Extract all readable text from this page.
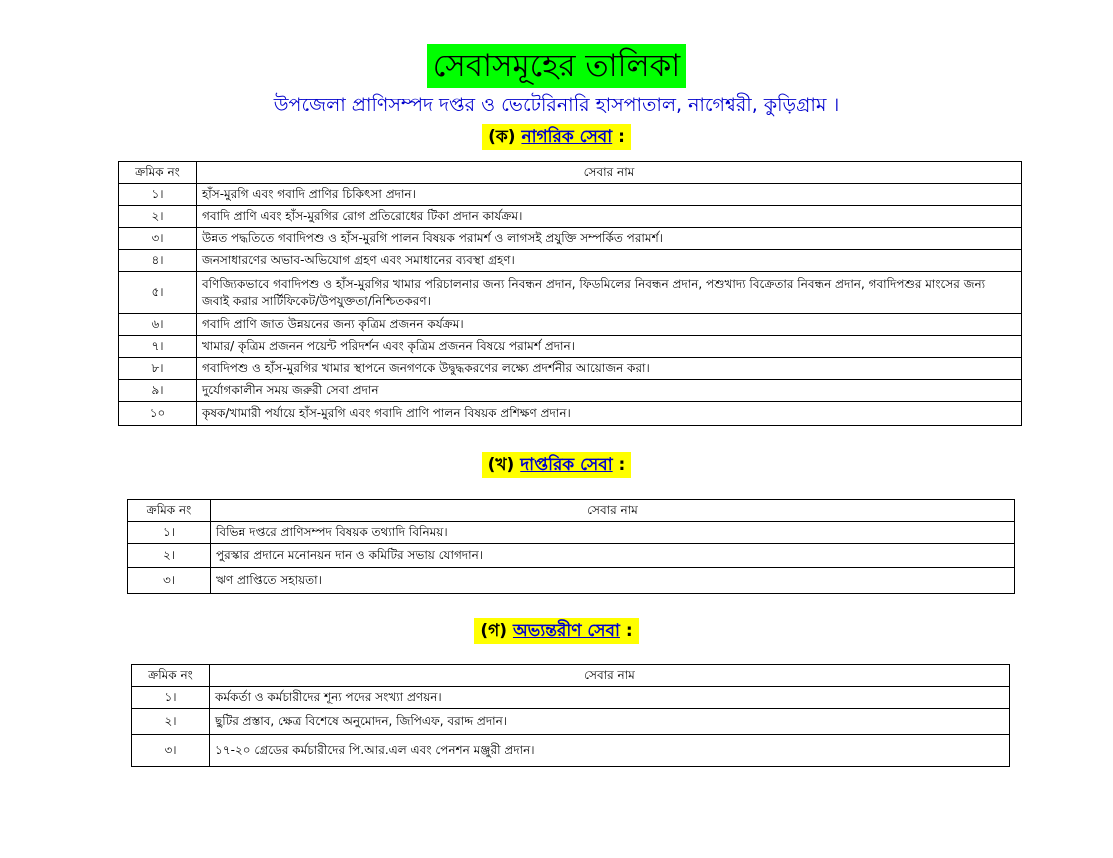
সেবাসমূহের তালিকা
উপজেলা প্রাণিসম্পদ দপ্তর ও ভেটেরিনারি হাসপাতাল, নাগেশ্বরী, কুড়িগ্রাম ।
(ক) নাগরিক সেবা :
ক্রমিক নং	সেবার নাম
১।	হাঁস-মুরগি এবং গবাদি প্রাণির চিকিৎসা প্রদান।
২।	গবাদি প্রাণি এবং হাঁস-মুরগির রোগ প্রতিরোধের টিকা প্রদান কার্যক্রম।
৩।	উন্নত পদ্ধতিতে গবাদিপশু ও হাঁস-মুরগি পালন বিষয়ক পরামর্শ ও লাগসই প্রযুক্তি সম্পর্কিত পরামর্শ।
৪।	জনসাধারণের অভাব-অভিযোগ গ্রহণ এবং সমাধানের ব্যবস্থা গ্রহণ।
৫।	বণিজ্যিকভাবে গবাদিপশু ও হাঁস-মুরগির খামার পরিচালনার জন্য নিবন্ধন প্রদান, ফিডমিলের নিবন্ধন প্রদান, পশুখাদ্য বিক্রেতার নিবন্ধন প্রদান, গবাদিপশুর মাংসের জন্য জবাই করার সার্টিফিকেট/উপযুক্ততা/নিশ্চিতকরণ।
৬।	গবাদি প্রাণি জাত উন্নয়নের জন্য কৃত্রিম প্রজনন কর্যক্রম।
৭।	খামার/ কৃত্রিম প্রজনন পয়েন্ট পরিদর্শন এবং কৃত্রিম প্রজনন বিষয়ে পরামর্শ প্রদান।
৮।	গবাদিপশু ও হাঁস-মুরগির খামার স্থাপনে জনগণকে উদ্বুদ্ধকরণের লক্ষ্যে প্রদর্শনীর আয়োজন করা।
৯।	দুর্যোগকালীন সময় জরুরী সেবা প্রদান
১০	কৃষক/খামারী পর্যায়ে হাঁস-মুরগি এবং গবাদি প্রাণি পালন বিষয়ক প্রশিক্ষণ প্রদান।
(খ) দাপ্তরিক সেবা :
ক্রমিক নং	সেবার নাম
১।	বিভিন্ন দপ্তরে প্রাণিসম্পদ বিষয়ক তথ্যাদি বিনিময়।
২।	পুরস্কার প্রদানে মনোনয়ন দান ও কমিটির সভায় যোগদান।
৩।	ঋণ প্রাপ্তিতে সহায়তা।
(গ) অভ্যন্তরীণ সেবা :
ক্রমিক নং	সেবার নাম
১।	কর্মকর্তা ও কর্মচারীদের শূন্য পদের সংখ্যা প্রণয়ন।
২।	ছুটির প্রস্তাব, ক্ষেত্র বিশেষে অনুমোদন, জিপিএফ, বরাদ্দ প্রদান।
৩।	১৭-২০ গ্রেডের কর্মচারীদের পি.আর.এল এবং পেনশন মঞ্জুরী প্রদান।
